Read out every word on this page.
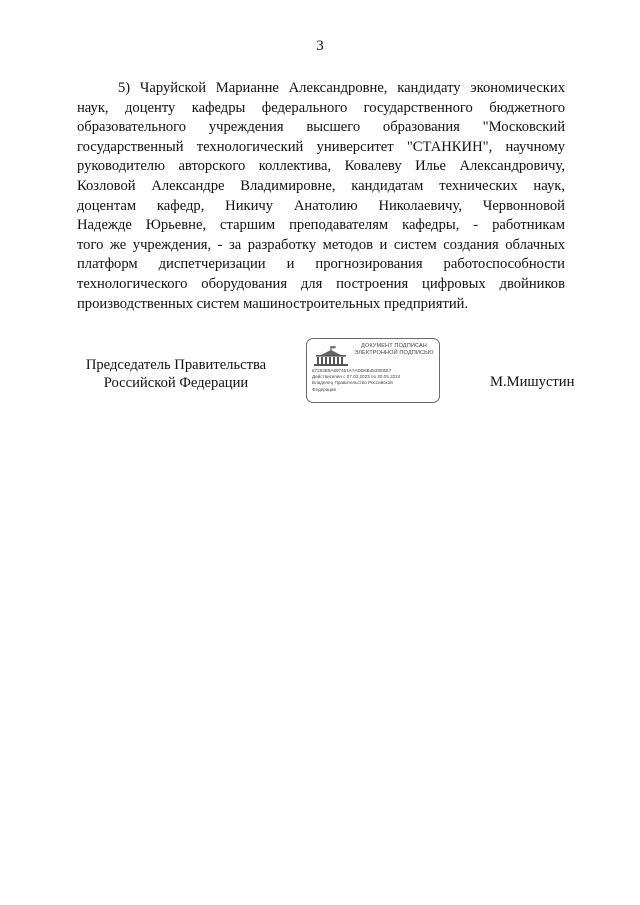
3
5) Чаруйской Марианне Александровне, кандидату экономических
наук, доценту кафедры федерального государственного бюджетного
образовательного учреждения высшего образования "Московский
государственный технологический университет "СТАНКИН", научному
руководителю авторского коллектива, Ковалеву Илье Александровичу,
Козловой Александре Владимировне, кандидатам технических наук,
доцентам кафедр, Никичу Анатолию Николаевичу, Червонновой
Надежде Юрьевне, старшим преподавателям кафедры, - работникам
того же учреждения, - за разработку методов и систем создания облачных
платформ диспетчеризации и прогнозирования работоспособности
технологического оборудования для построения цифровых двойников
производственных систем машиностроительных предприятий.
Председатель Правительства
Российской Федерации
ДОКУМЕНТ ПОДПИСАН
ЭЛЕКТРОННОЙ ПОДПИСЬЮ
67283B5A697461A7ADD6B4828E6E7
Действителен с 07.03.2023 по 30.05.2024
Владелец Правительство Российской
Федерации	М.Мишустин
